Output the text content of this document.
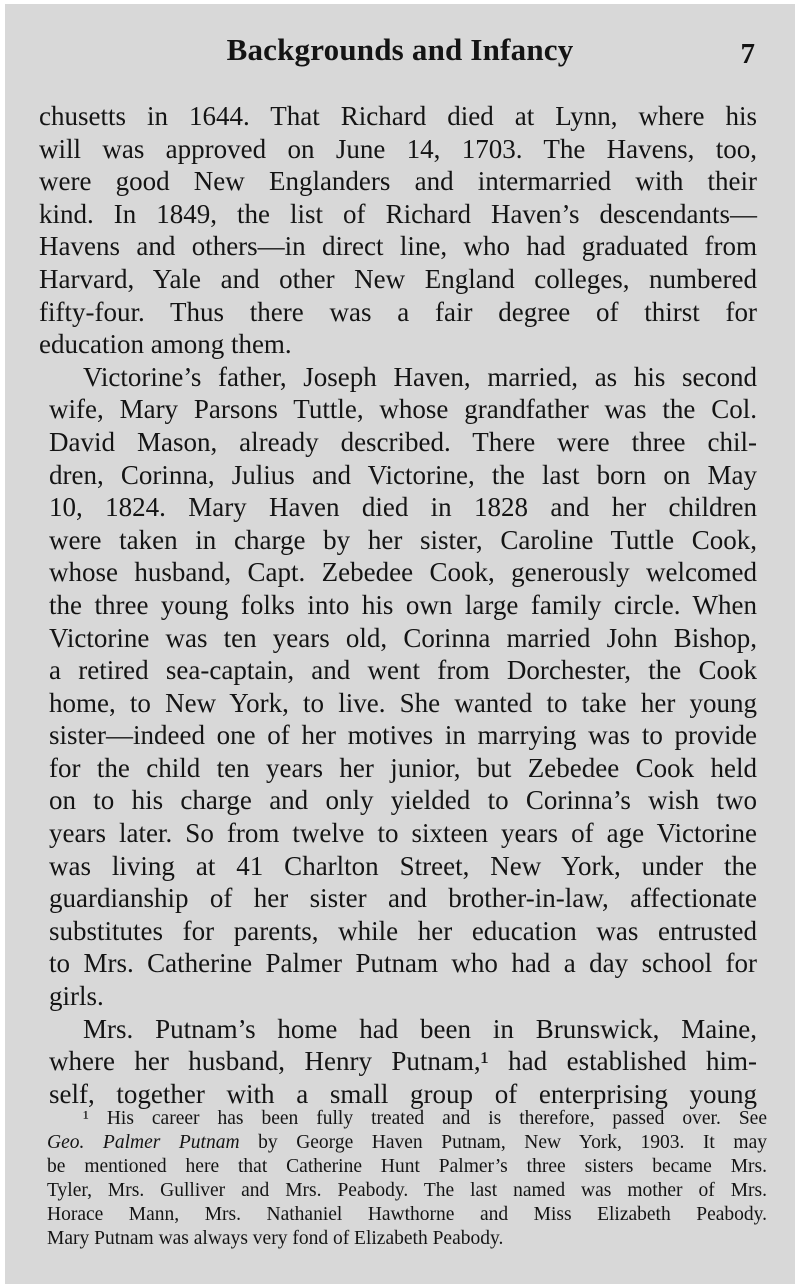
Backgrounds and Infancy	7
chusetts in 1644. That Richard died at Lynn, where his
will was approved on June 14, 1703. The Havens, too,
were good New Englanders and intermarried with their
kind. In 1849, the list of Richard Haven’s descendants—
Havens and others—in direct line, who had graduated from
Harvard, Yale and other New England colleges, numbered
fifty-four. Thus there was a fair degree of thirst for
education among them.
Victorine’s father, Joseph Haven, married, as his second
wife, Mary Parsons Tuttle, whose grandfather was the Col.
David Mason, already described. There were three chil-
dren, Corinna, Julius and Victorine, the last born on May
10, 1824. Mary Haven died in 1828 and her children
were taken in charge by her sister, Caroline Tuttle Cook,
whose husband, Capt. Zebedee Cook, generously welcomed
the three young folks into his own large family circle. When
Victorine was ten years old, Corinna married John Bishop,
a retired sea-captain, and went from Dorchester, the Cook
home, to New York, to live. She wanted to take her young
sister—indeed one of her motives in marrying was to provide
for the child ten years her junior, but Zebedee Cook held
on to his charge and only yielded to Corinna’s wish two
years later. So from twelve to sixteen years of age Victorine
was living at 41 Charlton Street, New York, under the
guardianship of her sister and brother-in-law, affectionate
substitutes for parents, while her education was entrusted
to Mrs. Catherine Palmer Putnam who had a day school for
girls.
Mrs. Putnam’s home had been in Brunswick, Maine,
where her husband, Henry Putnam,¹ had established him-
self, together with a small group of enterprising young
¹ His career has been fully treated and is therefore, passed over. See
Geo. Palmer Putnam by George Haven Putnam, New York, 1903. It may
be mentioned here that Catherine Hunt Palmer’s three sisters became Mrs.
Tyler, Mrs. Gulliver and Mrs. Peabody. The last named was mother of Mrs.
Horace Mann, Mrs. Nathaniel Hawthorne and Miss Elizabeth Peabody.
Mary Putnam was always very fond of Elizabeth Peabody.
